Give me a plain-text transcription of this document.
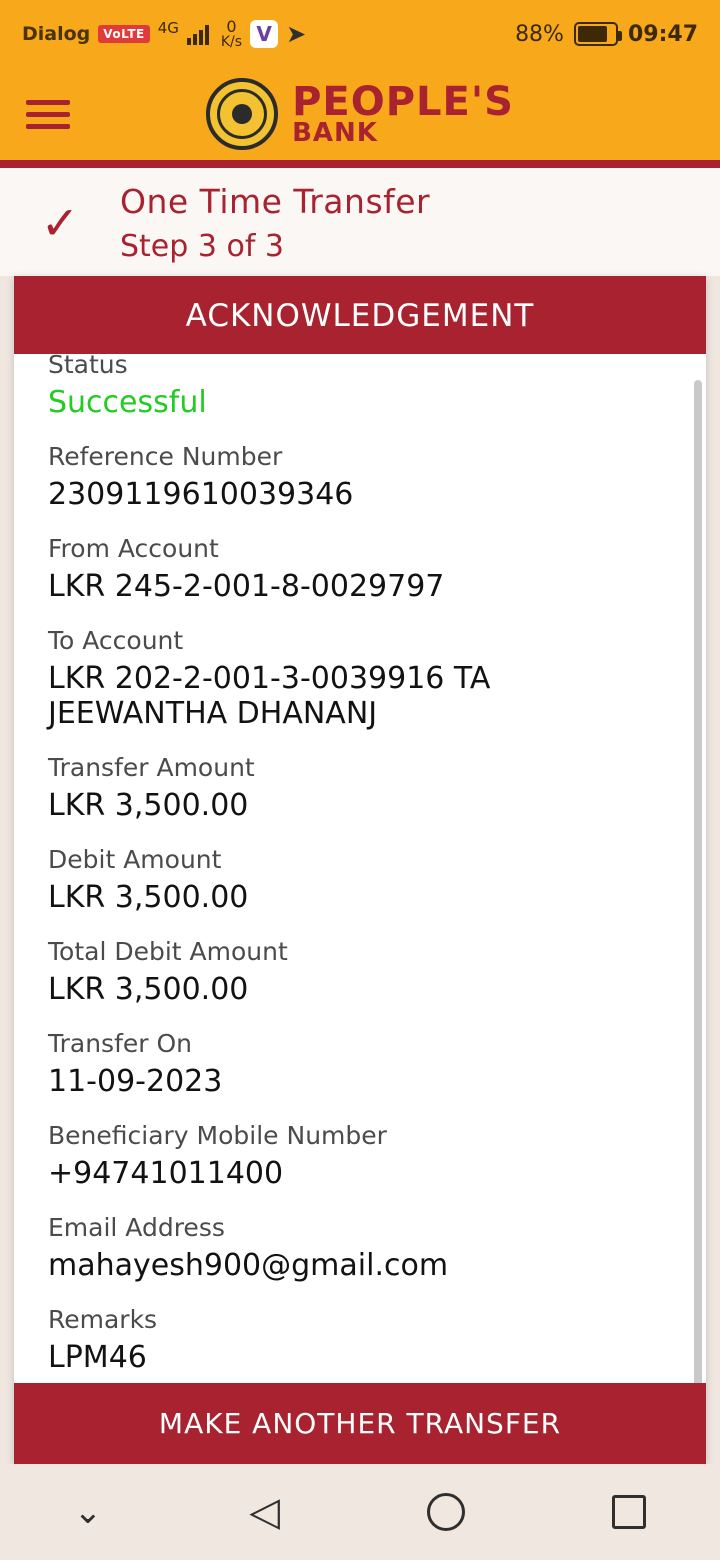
Dialog	VoLTE 4G	0
K/s V ➤	88%	09:47
PEOPLE'S
BANK
✓	One Time Transfer
Step 3 of 3
ACKNOWLEDGEMENT
Status
Successful
Reference Number
2309119610039346
From Account
LKR 245-2-001-8-0029797
To Account
LKR 202-2-001-3-0039916 TA JEEWANTHA DHANANJ
Transfer Amount
LKR 3,500.00
Debit Amount
LKR 3,500.00
Total Debit Amount
LKR 3,500.00
Transfer On
11-09-2023
Beneficiary Mobile Number
+94741011400
Email Address
mahayesh900@gmail.com
Remarks
LPM46
MAKE ANOTHER TRANSFER
⌄	◁
